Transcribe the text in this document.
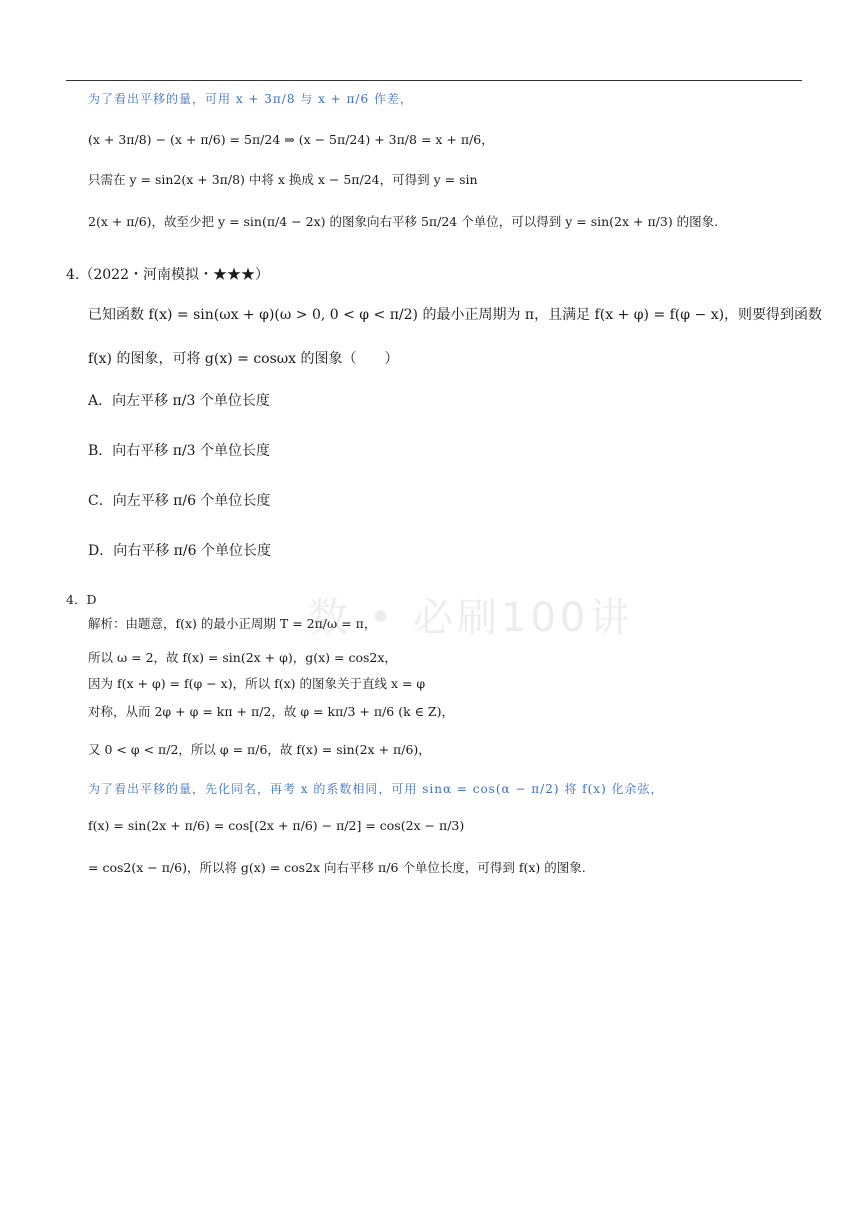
数 • 必刷100讲
为了看出平移的量，可用 x + 3π/8 与 x + π/6 作差，
(x + 3π/8) − (x + π/6) = 5π/24 ⇒ (x − 5π/24) + 3π/8 = x + π/6，
只需在 y = sin2(x + 3π/8) 中将 x 换成 x − 5π/24，可得到 y = sin
2(x + π/6)，故至少把 y = sin(π/4 − 2x) 的图象向右平移 5π/24 个单位，可以得到 y = sin(2x + π/3) 的图象.
4.（2022・河南模拟・★★★）
已知函数 f(x) = sin(ωx + φ)(ω > 0, 0 < φ < π/2) 的最小正周期为 π，且满足 f(x + φ) = f(φ − x)，则要得到函数
f(x) 的图象，可将 g(x) = cosωx 的图象（　　）
A．向左平移 π/3 个单位长度
B．向右平移 π/3 个单位长度
C．向左平移 π/6 个单位长度
D．向右平移 π/6 个单位长度
4．D
解析：由题意，f(x) 的最小正周期 T = 2π/ω = π，
所以 ω = 2，故 f(x) = sin(2x + φ)，g(x) = cos2x，
因为 f(x + φ) = f(φ − x)，所以 f(x) 的图象关于直线 x = φ
对称，从而 2φ + φ = kπ + π/2，故 φ = kπ/3 + π/6 (k ∈ Z)，
又 0 < φ < π/2，所以 φ = π/6，故 f(x) = sin(2x + π/6)，
为了看出平移的量，先化同名，再考 x 的系数相同，可用 sinα = cos(α − π/2) 将 f(x) 化余弦，
f(x) = sin(2x + π/6) = cos[(2x + π/6) − π/2] = cos(2x − π/3)
= cos2(x − π/6)，所以将 g(x) = cos2x 向右平移 π/6 个单位长度，可得到 f(x) 的图象.
